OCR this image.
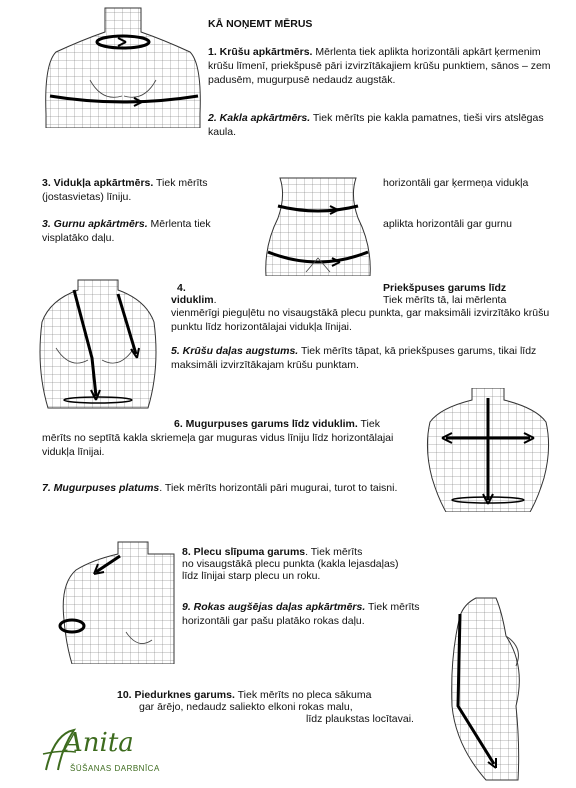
KĀ NOŅEMT MĒRUS
1. Krūšu apkārtmērs. Mērlenta tiek aplikta horizontāli apkārt ķermenim krūšu līmenī, priekšpusē pāri izvirzītākajiem krūšu punktiem, sānos – zem padusēm, mugurpusē nedaudz augstāk.
2. Kakla apkārtmērs. Tiek mērīts pie kakla pamatnes, tieši virs atslēgas kaula.
3. Vidukļa apkārtmērs. Tiek mērīts
(jostasvietas) līniju.
horizontāli gar ķermeņa vidukļa
3. Gurnu apkārtmērs. Mērlenta tiek
visplatāko daļu.
aplikta horizontāli gar gurnu
4.	Priekšpuses garums līdz
viduklim.	Tiek mērīts tā, lai mērlenta
vienmērīgi pieguļētu no visaugstākā plecu punkta, gar maksimāli izvirzītāko krūšu punktu līdz horizontālajai vidukļa līnijai.
5. Krūšu daļas augstums. Tiek mērīts tāpat, kā priekšpuses garums, tikai līdz maksimāli izvirzītākajam krūšu punktam.
6. Mugurpuses garums līdz viduklim. Tiek mērīts no septītā kakla skriemeļa gar muguras vidus līniju līdz horizontālajai vidukļa līnijai.
7. Mugurpuses platums. Tiek mērīts horizontāli pāri mugurai, turot to taisni.
8. Plecu slīpuma garums. Tiek mērīts
no visaugstākā plecu punkta (kakla lejasdaļas)
līdz līnijai starp plecu un roku.
9. Rokas augšējas daļas apkārtmērs. Tiek mērīts horizontāli gar pašu platāko rokas daļu.
10. Piedurknes garums. Tiek mērīts no pleca sākuma
gar ārējo, nedaudz saliekto elkoni rokas malu,
līdz plaukstas locītavai.
Anita
ŠŪŠANAS DARBNĪCA
